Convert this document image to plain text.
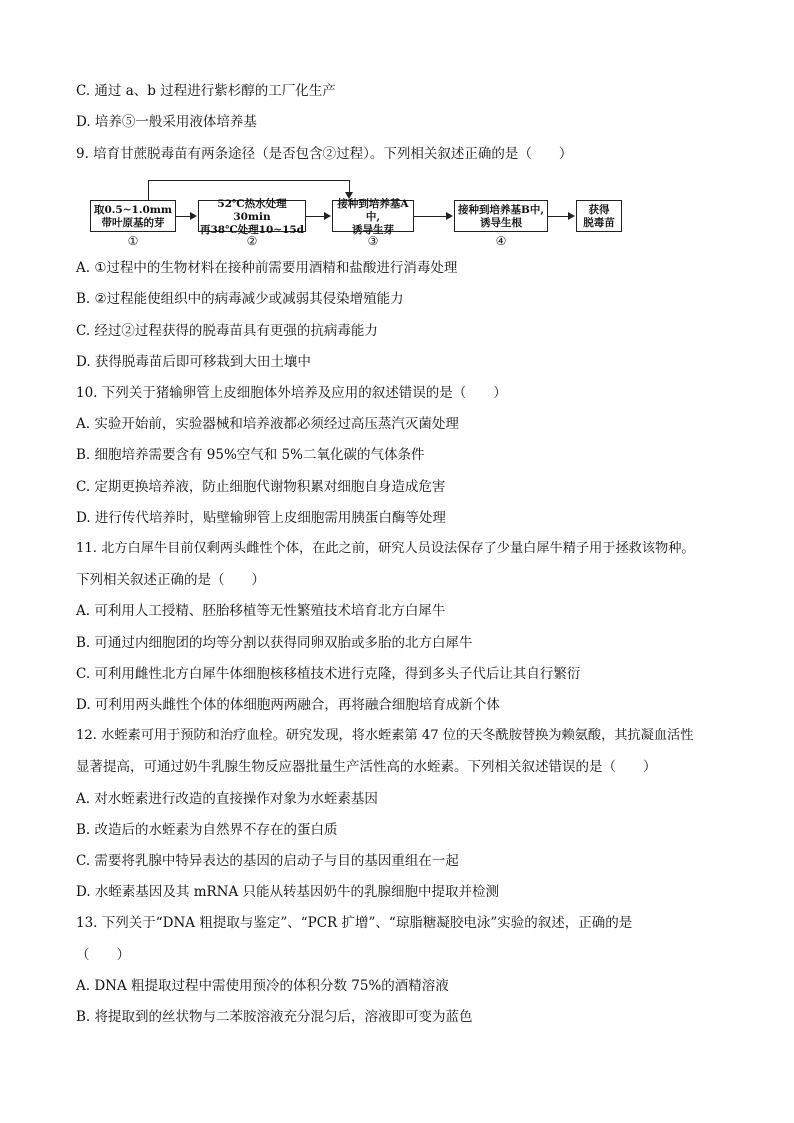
C. 通过 a、b 过程进行紫杉醇的工厂化生产
D. 培养⑤一般采用液体培养基
9. 培育甘蔗脱毒苗有两条途径（是否包含②过程）。下列相关叙述正确的是（　　）
取0.5~1.0mm
带叶原基的芽
52℃热水处理30min
再38℃处理10~15d
接种到培养基A中,
诱导生芽
接种到培养基B中,
诱导生根
获得
脱毒苗
①	②	③	④
A. ①过程中的生物材料在接种前需要用酒精和盐酸进行消毒处理
B. ②过程能使组织中的病毒减少或减弱其侵染增殖能力
C. 经过②过程获得的脱毒苗具有更强的抗病毒能力
D. 获得脱毒苗后即可移栽到大田土壤中
10. 下列关于猪输卵管上皮细胞体外培养及应用的叙述错误的是（　　）
A. 实验开始前，实验器械和培养液都必须经过高压蒸汽灭菌处理
B. 细胞培养需要含有 95%空气和 5%二氧化碳的气体条件
C. 定期更换培养液，防止细胞代谢物积累对细胞自身造成危害
D. 进行传代培养时，贴壁输卵管上皮细胞需用胰蛋白酶等处理
11. 北方白犀牛目前仅剩两头雌性个体，在此之前，研究人员设法保存了少量白犀牛精子用于拯救该物种。
下列相关叙述正确的是（　　）
A. 可利用人工授精、胚胎移植等无性繁殖技术培育北方白犀牛
B. 可通过内细胞团的均等分割以获得同卵双胎或多胎的北方白犀牛
C. 可利用雌性北方白犀牛体细胞核移植技术进行克隆，得到多头子代后让其自行繁衍
D. 可利用两头雌性个体的体细胞两两融合，再将融合细胞培育成新个体
12. 水蛭素可用于预防和治疗血栓。研究发现，将水蛭素第 47 位的天冬酰胺替换为赖氨酸，其抗凝血活性
显著提高，可通过奶牛乳腺生物反应器批量生产活性高的水蛭素。下列相关叙述错误的是（　　）
A. 对水蛭素进行改造的直接操作对象为水蛭素基因
B. 改造后的水蛭素为自然界不存在的蛋白质
C. 需要将乳腺中特异表达的基因的启动子与目的基因重组在一起
D. 水蛭素基因及其 mRNA 只能从转基因奶牛的乳腺细胞中提取并检测
13. 下列关于“DNA 粗提取与鉴定”、“PCR 扩增”、“琼脂糖凝胶电泳”实验的叙述，正确的是
（　　）
A. DNA 粗提取过程中需使用预冷的体积分数 75%的酒精溶液
B. 将提取到的丝状物与二苯胺溶液充分混匀后，溶液即可变为蓝色
